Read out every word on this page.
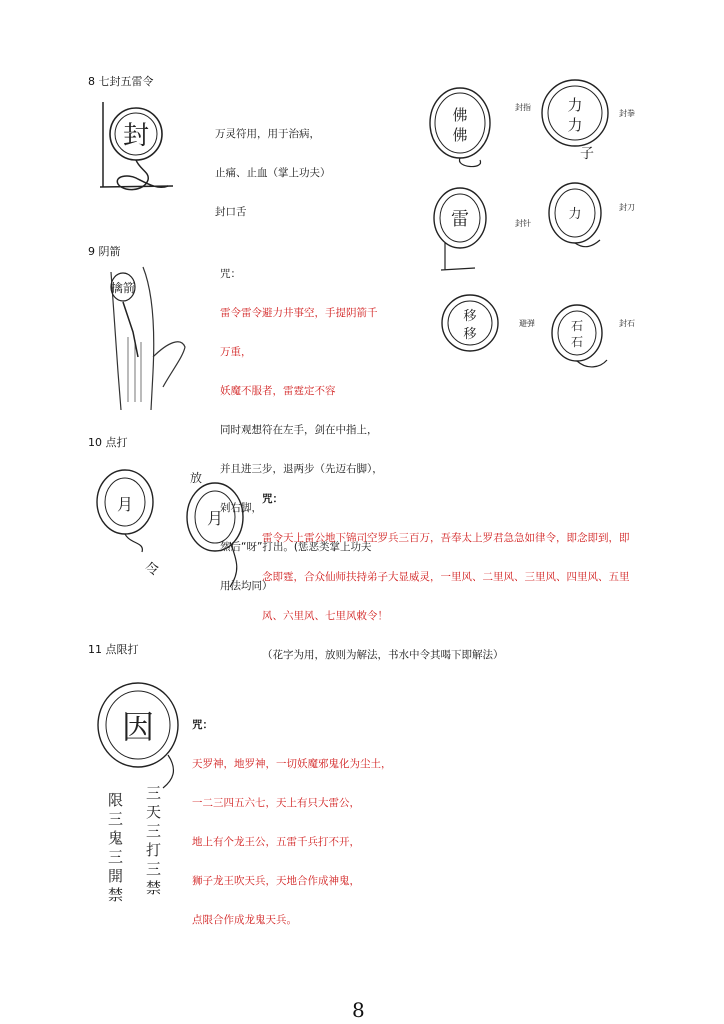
8 七封五雷令
封	万灵符用，用于治病，

止痛、止血（掌上功夫）

封口舌

佛
佛
封指 力
力
子
封拳
雷	封针
力	封刀
移
移
避弹	石
石
封石
9 阴箭
擒箭

咒：

雷令雷令避力井事空，手提阴箭千

万重，

妖魔不服者，雷霆定不容

同时观想符在左手，剑在中指上，

并且进三步，退两步（先迈右脚），

剁右脚，

然后“呀”打出。(惩恶类掌上功夫

用法均同）

10 点打
月
令
放
月

咒：

雷令天上雷公地下锦司空罗兵三百万，吾奉太上罗君急急如律令，即念即到，即

念即霆，合众仙师扶持弟子大显威灵，一里风、二里风、三里风、四里风、五里

风、六里风、七里风敕令！

（花字为用，放则为解法，书水中令其喝下即解法）

11 点限打
因
限三鬼三開禁 三天三打三禁

咒：

天罗神，地罗神，一切妖魔邪鬼化为尘土，

一二三四五六七，天上有只大雷公，

地上有个龙王公，五雷千兵打不开，

狮子龙王吹天兵，天地合作成神鬼，

点限合作成龙鬼天兵。

8
